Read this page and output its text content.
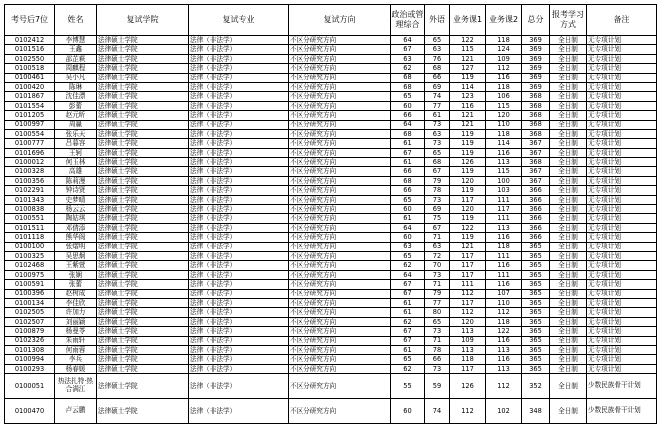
考号后7位	姓名	复试学院	复试专业	复试方向	政治或管理综合	外语	业务课1	业务课2	总分	报考学习方式	备注
0102412	李博慧	法律硕士学院	法律（非法学）	不区分研究方向	64	65	122	118	369	全日制	无专项计划
0101516	王鑫	法律硕士学院	法律（非法学）	不区分研究方向	67	63	115	124	369	全日制	无专项计划
0102550	邵芷萩	法律硕士学院	法律（非法学）	不区分研究方向	63	76	121	109	369	全日制	无专项计划
0100518	周麒程	法律硕士学院	法律（非法学）	不区分研究方向	62	68	127	112	369	全日制	无专项计划
0100461	吴小凡	法律硕士学院	法律（非法学）	不区分研究方向	68	66	119	116	369	全日制	无专项计划
0100420	陈琳	法律硕士学院	法律（非法学）	不区分研究方向	68	69	114	118	369	全日制	无专项计划
0101867	沈佳漂	法律硕士学院	法律（非法学）	不区分研究方向	65	74	123	106	368	全日制	无专项计划
0101554	彭蕾	法律硕士学院	法律（非法学）	不区分研究方向	60	77	116	115	368	全日制	无专项计划
0101205	赵元昕	法律硕士学院	法律（非法学）	不区分研究方向	66	61	121	120	368	全日制	无专项计划
0100997	周赢	法律硕士学院	法律（非法学）	不区分研究方向	64	73	121	110	368	全日制	无专项计划
0100554	张乐天	法律硕士学院	法律（非法学）	不区分研究方向	68	63	119	118	368	全日制	无专项计划
0100777	吕暮容	法律硕士学院	法律（非法学）	不区分研究方向	61	73	119	114	367	全日制	无专项计划
0101696	王轲	法律硕士学院	法律（非法学）	不区分研究方向	67	65	119	116	367	全日制	无专项计划
0100012	何玉林	法律硕士学院	法律（非法学）	不区分研究方向	61	68	126	113	368	全日制	无专项计划
0100328	高雄	法律硕士学院	法律（非法学）	不区分研究方向	66	67	119	115	367	全日制	无专项计划
0100356	陈莉漫	法律硕士学院	法律（非法学）	不区分研究方向	68	79	120	100	367	全日制	无专项计划
0102291	钟诗贤	法律硕士学院	法律（非法学）	不区分研究方向	66	78	119	103	366	全日制	无专项计划
0101343	史梦晴	法律硕士学院	法律（非法学）	不区分研究方向	65	73	117	111	366	全日制	无专项计划
0100838	杨云云	法律硕士学院	法律（非法学）	不区分研究方向	60	69	120	117	366	全日制	无专项计划
0100551	陶姑琪	法律硕士学院	法律（非法学）	不区分研究方向	61	75	119	111	366	全日制	无专项计划
0101511	邓倩添	法律硕士学院	法律（非法学）	不区分研究方向	64	67	122	113	366	全日制	无专项计划
0101118	熊华阁	法律硕士学院	法律（非法学）	不区分研究方向	60	71	119	116	366	全日制	无专项计划
0100100	张熠明	法律硕士学院	法律（非法学）	不区分研究方向	63	63	121	118	365	全日制	无专项计划
0100325	吴思炯	法律硕士学院	法律（非法学）	不区分研究方向	65	72	117	111	365	全日制	无专项计划
0102468	王紫萱	法律硕士学院	法律（非法学）	不区分研究方向	62	70	117	116	365	全日制	无专项计划
0100975	张娴	法律硕士学院	法律（非法学）	不区分研究方向	64	73	117	111	365	全日制	无专项计划
0100591	张蕾	法律硕士学院	法律（非法学）	不区分研究方向	67	71	111	116	365	全日制	无专项计划
0100396	赵树成	法律硕士学院	法律（非法学）	不区分研究方向	67	79	112	107	365	全日制	无专项计划
0100134	李佳欣	法律硕士学院	法律（非法学）	不区分研究方向	61	77	117	110	365	全日制	无专项计划
0102505	许加力	法律硕士学院	法律（非法学）	不区分研究方向	61	80	112	112	365	全日制	无专项计划
0102507	刘丽颖	法律硕士学院	法律（非法学）	不区分研究方向	62	65	120	118	365	全日制	无专项计划
0100879	杨曼苓	法律硕士学院	法律（非法学）	不区分研究方向	67	73	113	122	365	全日制	无专项计划
0102326	朱雨轩	法律硕士学院	法律（非法学）	不区分研究方向	67	71	109	116	365	全日制	无专项计划
0101308	何雨蓉	法律硕士学院	法律（非法学）	不区分研究方向	61	78	113	113	365	全日制	无专项计划
0100994	李兵	法律硕士学院	法律（非法学）	不区分研究方向	65	66	118	116	365	全日制	无专项计划
0100293	杨春媛	法律硕士学院	法律（非法学）	不区分研究方向	62	73	117	113	365	全日制	无专项计划
0100051	热法扎特·热合满江	法律硕士学院	法律（非法学）	不区分研究方向	55	59	126	112	352	全日制	少数民族骨干计划
0100470	卢云鹏	法律硕士学院	法律（非法学）	不区分研究方向	60	74	112	102	348	全日制	少数民族骨干计划
